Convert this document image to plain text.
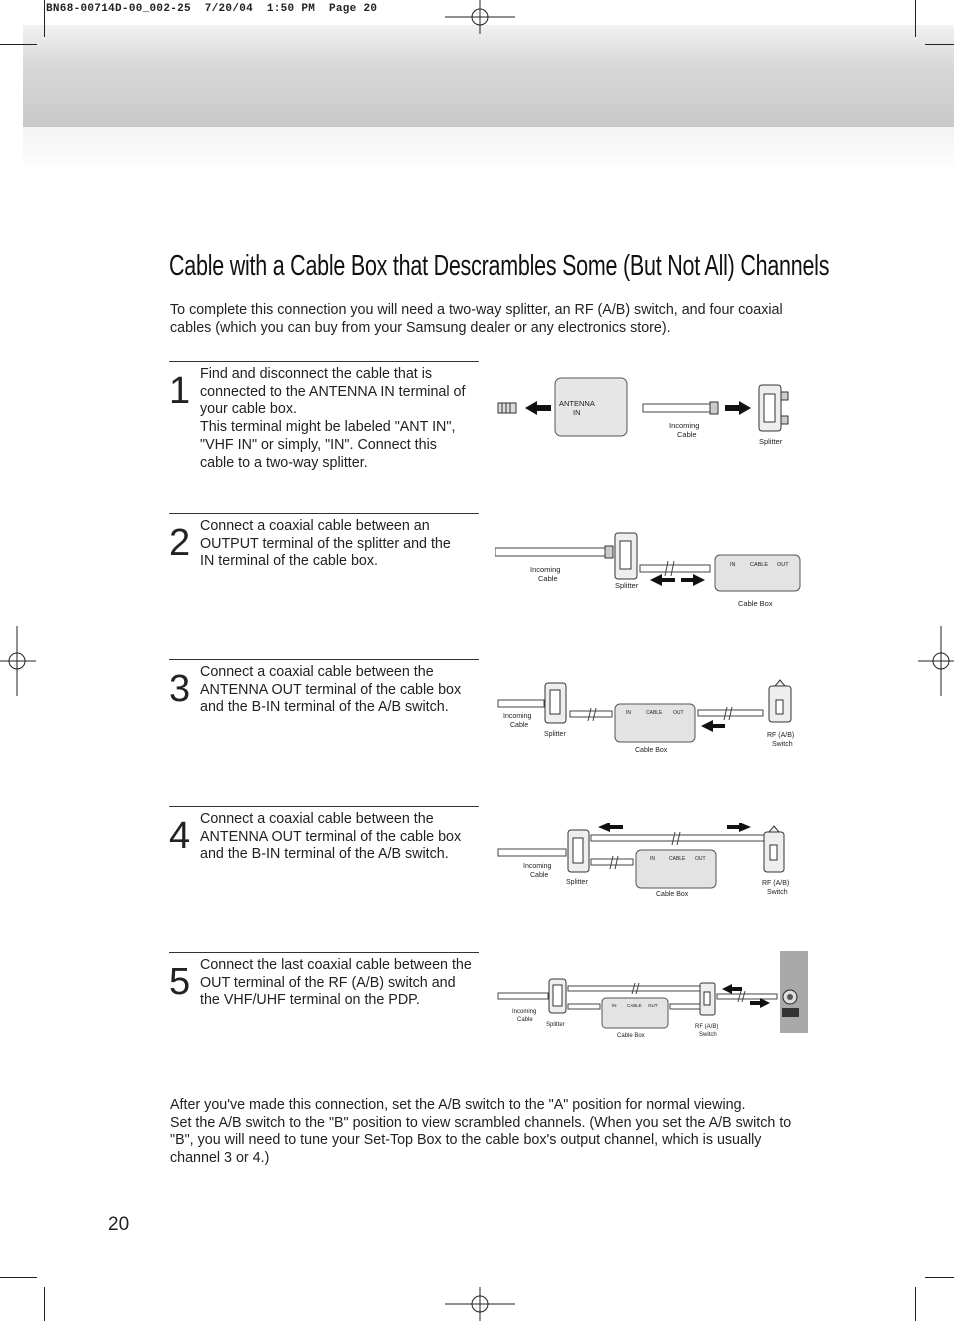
BN68-00714D-00_002-25  7/20/04  1:50 PM  Page 20
Cable with a Cable Box that Descrambles Some (But Not All) Channels

To complete this connection you will need a two-way splitter, an RF (A/B) switch, and four coaxial cables (which you can buy from your Samsung dealer or any electronics store).

1 Find and disconnect the cable that is
connected to the ANTENNA IN terminal of
your cable box.
This terminal might be labeled "ANT IN",
"VHF IN" or simply, "IN". Connect this
cable to a two-way splitter.
2 Connect a coaxial cable between an
OUTPUT terminal of the splitter and the
IN terminal of the cable box.
3 Connect a coaxial cable between the
ANTENNA OUT terminal of the cable box
and the B-IN terminal of the A/B switch.
4 Connect a coaxial cable between the
ANTENNA OUT terminal of the cable box
and the B-IN terminal of the A/B switch.
5 Connect the last coaxial cable between the
OUT terminal of the RF (A/B) switch and
the VHF/UHF terminal on the PDP.
ANTENNA
IN
Incoming
Cable
Splitter
Incoming
Cable
Splitter
IN	CABLE OUT
Cable Box
Incoming
Cable
Splitter
IN	CABLE OUT
Cable Box
RF (A/B)
Switch
Incoming
Cable
Splitter
IN	CABLE OUT
Cable Box
RF (A/B)
Switch
Incoming
Cable
Splitter
IN CABLE OUT
Cable Box
RF (A/B)
Switch

After you've made this connection, set the A/B switch to the "A" position for normal viewing.

Set the A/B switch to the "B" position to view scrambled channels. (When you set the A/B switch to "B", you will need to tune your Set-Top Box to the cable box's output channel, which is usually channel 3 or 4.)

20
